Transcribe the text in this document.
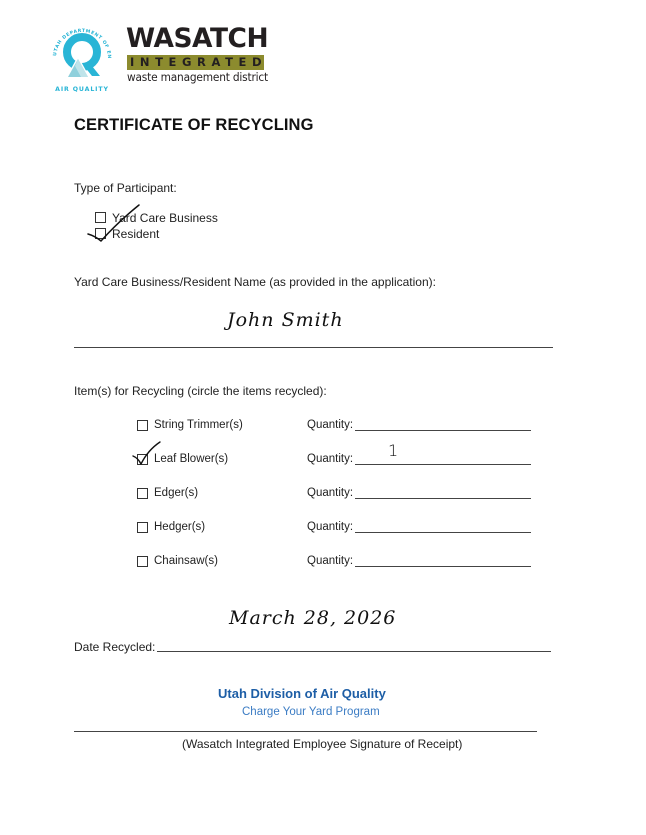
UTAH DEPARTMENT OF EN
AIR QUALITY
WASATCH
INTEGRATED
waste management district
CERTIFICATE OF RECYCLING
Type of Participant:
Yard Care Business
Resident
Yard Care Business/Resident Name (as provided in the application):
John Smith
Item(s) for Recycling (circle the items recycled):
String Trimmer(s)	Quantity:
Leaf Blower(s)	Quantity: 1
Edger(s)	Quantity:
Hedger(s)	Quantity:
Chainsaw(s)	Quantity:
March 28, 2026
Date Recycled:
Utah Division of Air Quality
Charge Your Yard Program
(Wasatch Integrated Employee Signature of Receipt)
